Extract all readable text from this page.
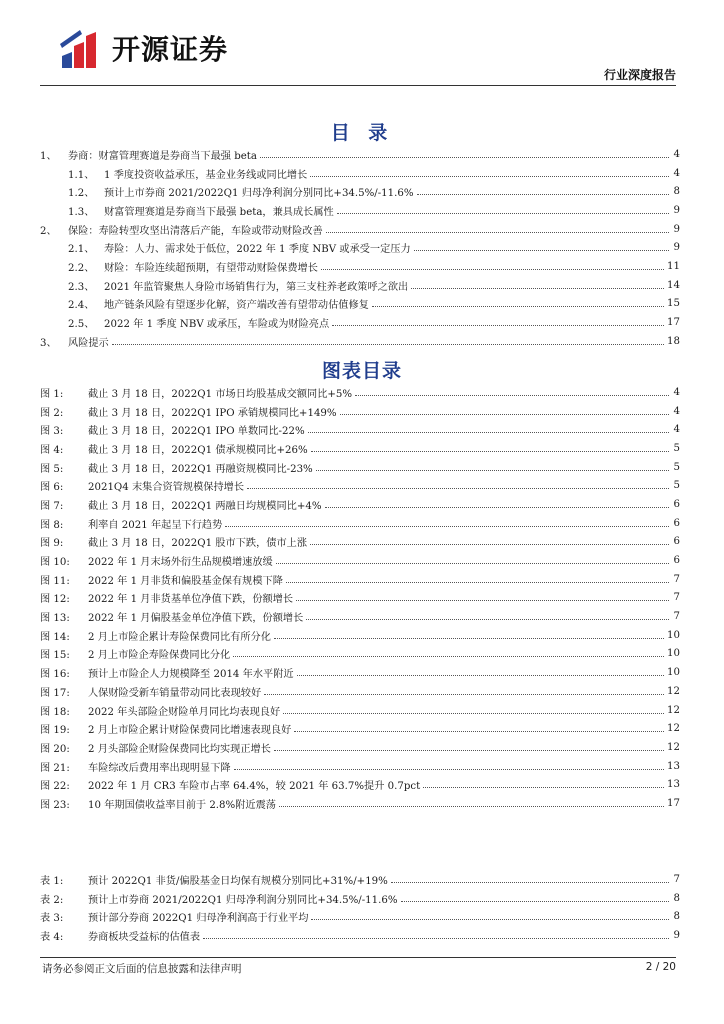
开源证券
行业深度报告
目 录
1、	券商：财富管理赛道是券商当下最强 beta	4
1.1、 1 季度投资收益承压，基金业务线或同比增长	4
1.2、 预计上市券商 2021/2022Q1 归母净利润分别同比+34.5%/-11.6%	8
1.3、 财富管理赛道是券商当下最强 beta，兼具成长属性	9
2、	保险：寿险转型攻坚出清落后产能，车险或带动财险改善	9
2.1、 寿险：人力、需求处于低位，2022 年 1 季度 NBV 或承受一定压力	9
2.2、 财险：车险连续超预期，有望带动财险保费增长	11
2.3、 2021 年监管聚焦人身险市场销售行为，第三支柱养老政策呼之欲出	14
2.4、 地产链条风险有望逐步化解，资产端改善有望带动估值修复	15
2.5、 2022 年 1 季度 NBV 或承压，车险或为财险亮点	17
3、	风险提示	18
图表目录
图 1:	截止 3 月 18 日，2022Q1 市场日均股基成交额同比+5%	4
图 2:	截止 3 月 18 日，2022Q1 IPO 承销规模同比+149%	4
图 3:	截止 3 月 18 日，2022Q1 IPO 单数同比-22%	4
图 4:	截止 3 月 18 日，2022Q1 债承规模同比+26%	5
图 5:	截止 3 月 18 日，2022Q1 再融资规模同比-23%	5
图 6:	2021Q4 末集合资管规模保持增长	5
图 7:	截止 3 月 18 日，2022Q1 两融日均规模同比+4%	6
图 8:	利率自 2021 年起呈下行趋势	6
图 9:	截止 3 月 18 日，2022Q1 股市下跌，债市上涨	6
图 10:	2022 年 1 月末场外衍生品规模增速放缓	6
图 11:	2022 年 1 月非货和偏股基金保有规模下降	7
图 12:	2022 年 1 月非货基单位净值下跌，份额增长	7
图 13:	2022 年 1 月偏股基金单位净值下跌，份额增长	7
图 14:	2 月上市险企累计寿险保费同比有所分化	10
图 15:	2 月上市险企寿险保费同比分化	10
图 16:	预计上市险企人力规模降至 2014 年水平附近	10
图 17:	人保财险受新车销量带动同比表现较好	12
图 18:	2022 年头部险企财险单月同比均表现良好	12
图 19:	2 月上市险企累计财险保费同比增速表现良好	12
图 20:	2 月头部险企财险保费同比均实现正增长	12
图 21:	车险综改后费用率出现明显下降	13
图 22:	2022 年 1 月 CR3 车险市占率 64.4%，较 2021 年 63.7%提升 0.7pct	13
图 23:	10 年期国债收益率目前于 2.8%附近震荡	17
表 1:	预计 2022Q1 非货/偏股基金日均保有规模分别同比+31%/+19%	7
表 2:	预计上市券商 2021/2022Q1 归母净利润分别同比+34.5%/-11.6%	8
表 3:	预计部分券商 2022Q1 归母净利润高于行业平均	8
表 4:	券商板块受益标的估值表	9
请务必参阅正文后面的信息披露和法律声明	2 / 20
